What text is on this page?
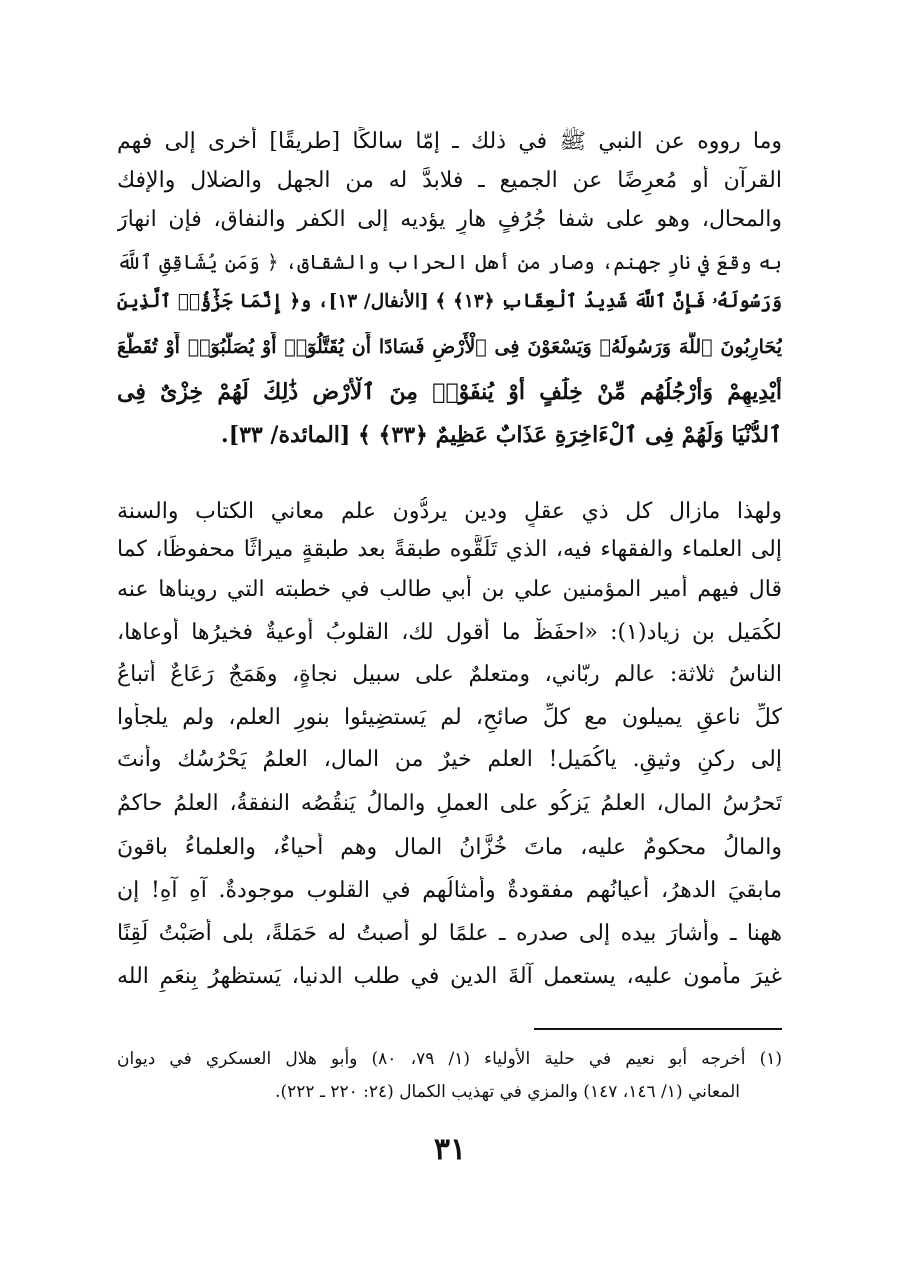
وما رووه عن النبي ﷺ في ذلك ـ إمّا سالكًا [طريقًا] أخرى إلى فهم
القرآن أو مُعرِضًا عن الجميع ـ فلابدَّ له من الجهل والضلال والإفك
والمحال، وهو على شفا جُرُفٍ هارٍ يؤديه إلى الكفر والنفاق، فإن انهارَ
به وقعَ في نارِ جهنم، وصار من أهل الحراب والشقاق، ﴿ وَمَن يُشَاقِقِ ٱللَّهَ
وَرَسُولَهُۥ فَإِنَّ ٱللَّهَ شَدِيدُ ٱلْعِقَابِ ﴿١٣﴾ ﴾ [الأنفال/ ١٣]، و﴿ إِنَّمَا جَزَٰٓؤُا۟ ٱلَّذِينَ
يُحَارِبُونَ ٱللَّهَ وَرَسُولَهُۥ وَيَسْعَوْنَ فِى ٱلْأَرْضِ فَسَادًا أَن يُقَتَّلُوٓا۟ أَوْ يُصَلَّبُوٓا۟ أَوْ تُقَطَّعَ
أَيْدِيهِمْ وَأَرْجُلُهُم مِّنْ خِلَٰفٍ أَوْ يُنفَوْا۟ مِنَ ٱلْأَرْضِ ذَٰلِكَ لَهُمْ خِزْىٌ فِى
ٱلدُّنْيَا وَلَهُمْ فِى ٱلْءَاخِرَةِ عَذَابٌ عَظِيمٌ ﴿٣٣﴾ ﴾ [المائدة/ ٣٣].
ولهذا مازال كل ذي عقلٍ ودين يردُّون علم معاني الكتاب والسنة
إلى العلماء والفقهاء فيه، الذي تَلَقَّوه طبقةً بعد طبقةٍ ميراثًا محفوظًا، كما
قال فيهم أمير المؤمنين علي بن أبي طالب في خطبته التي رويناها عنه
لكُمَيل بن زياد(١): «احفَظْ ما أقول لك، القلوبُ أوعيةٌ فخيرُها أوعاها،
الناسُ ثلاثة: عالم ربّاني، ومتعلمٌ على سبيل نجاةٍ، وهَمَجٌ رَعَاعٌ أتباعُ
كلِّ ناعقٍ يميلون مع كلِّ صائحٍ، لم يَستضِيئوا بنورِ العلم، ولم يلجأوا
إلى ركنٍ وثيقٍ. ياكُمَيل! العلم خيرٌ من المال، العلمُ يَحْرُسُك وأنتَ
تَحرُسُ المال، العلمُ يَزكُو على العملِ والمالُ يَنقُصُه النفقةُ، العلمُ حاكمٌ
والمالُ محكومٌ عليه، ماتَ خُزَّانُ المال وهم أحياءٌ، والعلماءُ باقونَ
مابقيَ الدهرُ، أعيانُهم مفقودةٌ وأمثالُهم في القلوب موجودةٌ. آهِ آهِ! إن
ههنا ـ وأشارَ بيده إلى صدره ـ علمًا لو أصبتُ له حَمَلةً، بلى أَصَبْتُ لَقِنًا
غيرَ مأمون عليه، يستعمل آلةَ الدين في طلب الدنيا، يَستظهرُ بِنعَمِ الله
(١) أخرجه أبو نعيم في حلية الأولياء (١/ ٧٩، ٨٠) وأبو هلال العسكري في ديوان
المعاني (١/ ١٤٦، ١٤٧) والمزي في تهذيب الكمال (٢٤: ٢٢٠ ـ ٢٢٢).
٣١
